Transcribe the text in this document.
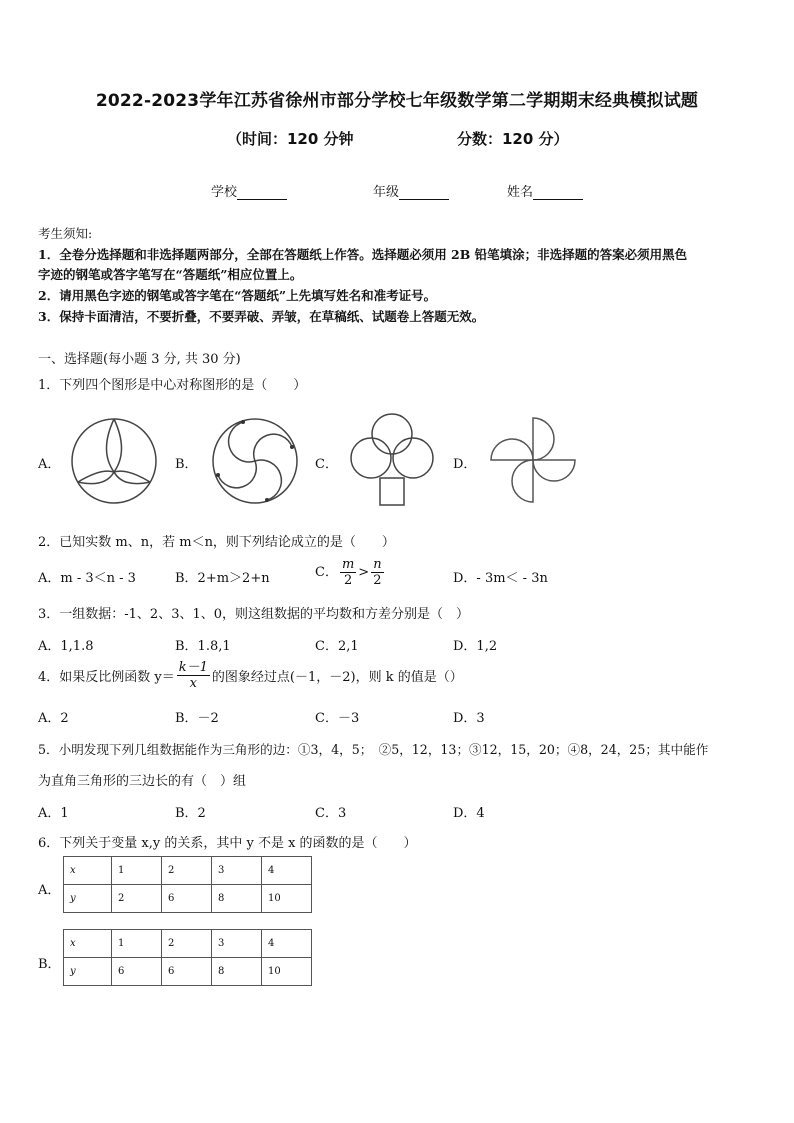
2022-2023学年江苏省徐州市部分学校七年级数学第二学期期末经典模拟试题
（时间：120 分钟	分数：120 分）
学校	年级	姓名
考生须知:
1．全卷分选择题和非选择题两部分，全部在答题纸上作答。选择题必须用 2B 铅笔填涂；非选择题的答案必须用黑色
字迹的钢笔或答字笔写在“答题纸”相应位置上。
2．请用黑色字迹的钢笔或答字笔在“答题纸”上先填写姓名和准考证号。
3．保持卡面清洁，不要折叠，不要弄破、弄皱，在草稿纸、试题卷上答题无效。
一、选择题(每小题 3 分, 共 30 分)
1．下列四个图形是中心对称图形的是（　　）
A．	B．	C．	D．
2．已知实数 m、n，若 m＜n，则下列结论成立的是（　　）
A．m - 3＜n - 3	B．2+m＞2+n	C． $\frac{m}{2} > \frac{n}{2}$	D．- 3m＜ - 3n
3．一组数据：-1、2、3、1、0，则这组数据的平均数和方差分别是（　）
A．1,1.8	B．1.8,1	C．2,1	D．1,2
4．如果反比例函数 $y= \frac{k-1}{x}$ 的图象经过点(－1，－2)，则 k 的值是（）
A．2	B．－2	C．－3	D．3
5．小明发现下列几组数据能作为三角形的边：①3，4，5；　②5，12，13；③12，15，20；④8，24，25；其中能作
为直角三角形的三边长的有（　）组
A．1	B．2	C．3	D．4
6．下列关于变量 x,y 的关系，其中 y 不是 x 的函数的是（　　）
A．
B．
x	1	2	3	4
y	2	6	8	10
x	1	2	3	4
y	6	6	8	10
